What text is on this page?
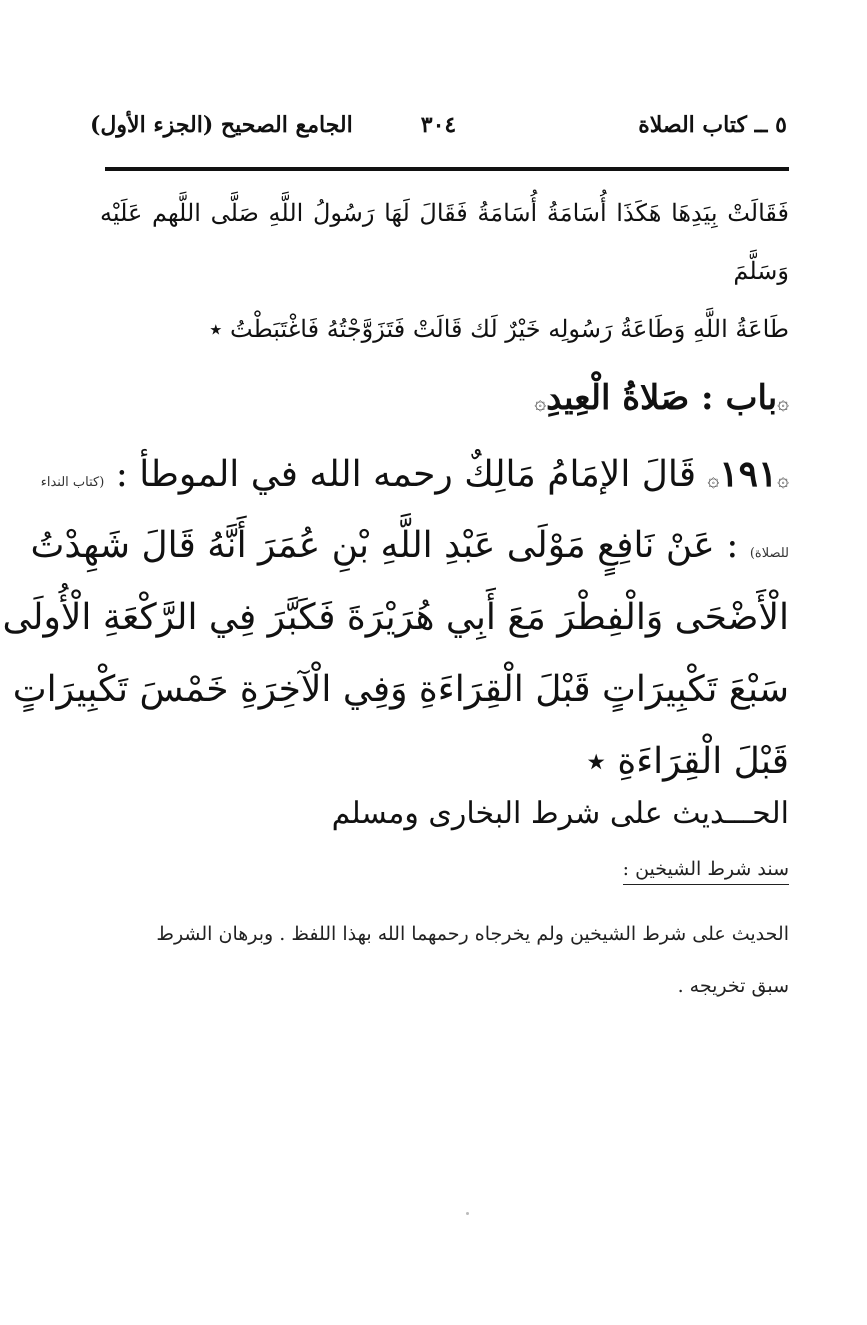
٥ ــ كتاب الصلاة
٣٠٤
الجامع الصحيح (الجزء الأول)
فَقَالَتْ بِيَدِهَا هَكَذَا أُسَامَةُ أُسَامَةُ فَقَالَ لَهَا رَسُولُ اللَّهِ صَلَّى اللَّهم عَلَيْه وَسَلَّمَ
طَاعَةُ اللَّهِ وَطَاعَةُ رَسُولِه خَيْرٌ لَك قَالَتْ فَتَزَوَّجْتُهُ فَاغْتَبَطْتُ ٭
۞باب : صَلاةُ الْعِيدِ۞
۞١٩١۞ قَالَ الإمَامُ مَالِكٌ رحمه الله في الموطأ : (كتاب النداء
للصلاة) : عَنْ نَافِعٍ مَوْلَى عَبْدِ اللَّهِ بْنِ عُمَرَ أَنَّهُ قَالَ شَهِدْتُ
الْأَضْحَى وَالْفِطْرَ مَعَ أَبِي هُرَيْرَةَ فَكَبَّرَ فِي الرَّكْعَةِ الْأُولَى
سَبْعَ تَكْبِيرَاتٍ قَبْلَ الْقِرَاءَةِ وَفِي الْآخِرَةِ خَمْسَ تَكْبِيرَاتٍ
قَبْلَ الْقِرَاءَةِ ٭
الحـــديث على شرط البخارى ومسلم
سند شرط الشيخين :
الحديث على شرط الشيخين ولم يخرجاه رحمهما الله بهذا اللفظ . وبرهان الشرط
سبق تخريجه .
